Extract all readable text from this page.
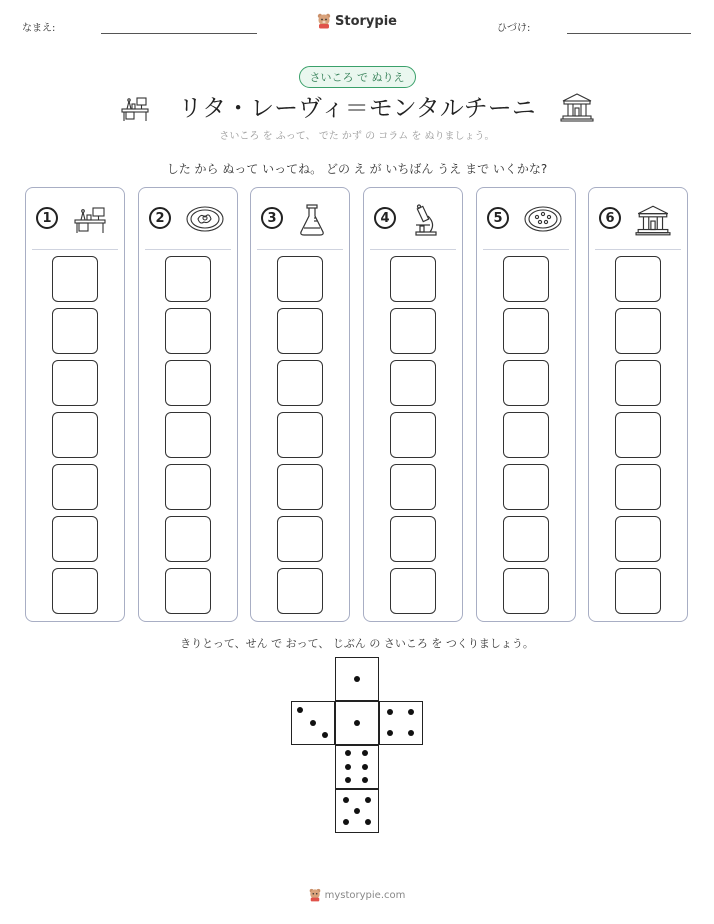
なまえ:	Storypie	ひづけ:
さいころ で ぬりえ
リタ・レーヴィ＝モンタルチーニ
さいころ を ふって、 でた かず の コラム を ぬりましょう。
した から ぬって いってね。 どの え が いちばん うえ まで いくかな?
1	2	3	4	5	6
きりとって、せん で おって、 じぶん の さいころ を つくりましょう。
mystorypie.com
